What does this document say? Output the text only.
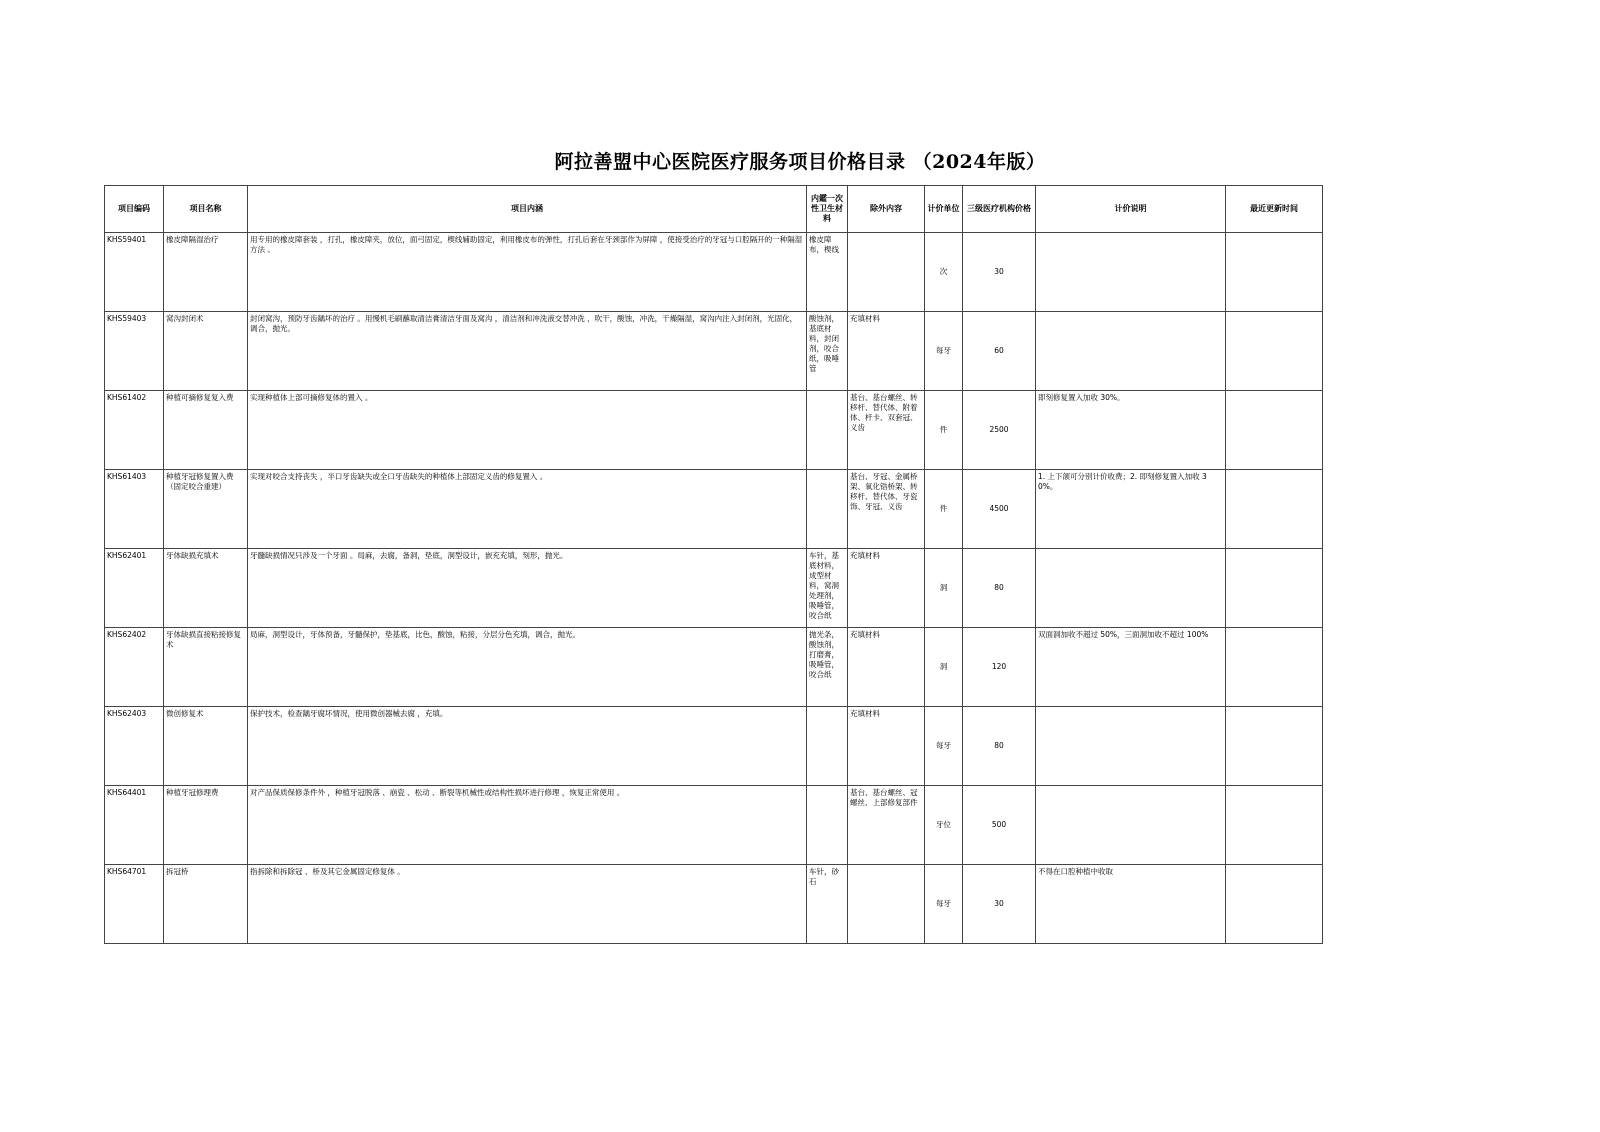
阿拉善盟中心医院医疗服务项目价格目录 （2024年版）
项目编码	项目名称	项目内涵	内鑑一次性卫生材料	除外内容	计价单位	三级医疗机构价格	计价说明	最近更新时间
KHS59401	橡皮障隔湿治疗	用专用的橡皮障套装 ，打孔，橡皮障夹，放位，面弓固定，楔线辅助固定，利用橡皮布的弹性，打孔后套在牙颈部作为屏障 ，使接受治疗的牙冠与口腔隔开的一种隔湿方法 。	橡皮障布，楔线		次	30		
KHS59403	窝沟封闭术	封闭窝沟，预防牙齿龋坏的治疗 。用慢机毛刷蘸取清洁膏清洁牙面及窝沟 ，清洁剂和冲洗液交替冲洗 ，吹干，酸蚀，冲洗，干燥隔湿，窝沟内注入封闭剂，光固化，调合，抛光。	酸蚀剂，基底材料，封闭剂，咬合纸，吸唾管	充填材料	每牙	60		
KHS61402	种植可摘修复复入费	实现种植体上部可摘修复体的置入 。		基台、基台螺丝、转移杆、替代体、附着体、杆卡、双套冠、义齿	件	2500	即刻修复置入加收 30%。	
KHS61403	种植牙冠修复置入费（固定咬合重建）	实现对咬合支持丧失 ，半口牙齿缺失或全口牙齿缺失的种植体上部固定义齿的修复置入 。		基台、牙冠、金属桥架、氧化锆桥架、转移杆、替代体、牙瓷饰、牙冠、义齿	件	4500	1. 上下颌可分别计价收费；2. 即刻修复置入加收 30%。	
KHS62401	牙体缺损充填术	牙髓缺损情况只涉及一个牙面 。局麻，去腐，备洞，垫底，洞型设计，嵌充充填，刻形，抛光。	车针，基底材料，成型材料，窝洞处理剂，吸唾管，咬合纸	充填材料	洞	80		
KHS62402	牙体缺损直接粘接修复术	局麻，洞型设计，牙体预备，牙髓保护，垫基底，比色，酸蚀，粘接，分层分色充填，调合，抛光。	抛光条，酸蚀剂，打磨膏，吸唾管，咬合纸	充填材料	洞	120	双面洞加收不超过 50%，三面洞加收不超过 100%	
KHS62403	微创修复术	保护技术，检查龋牙腐坏情况，使用微创器械去腐 ，充填。		充填材料	每牙	80		
KHS64401	种植牙冠修理费	对产品保质保修条件外 ，种植牙冠脱落 、崩瓷 、松动 、断裂等机械性或结构性损坏进行修理 ，恢复正常使用 。		基台、基台螺丝、冠螺丝、上部修复部件	牙位	500		
KHS64701	拆冠桥	指拆除和拆除冠 、桥及其它金属固定修复体 。	车针，砂石		每牙	30	不得在口腔种植中收取	
